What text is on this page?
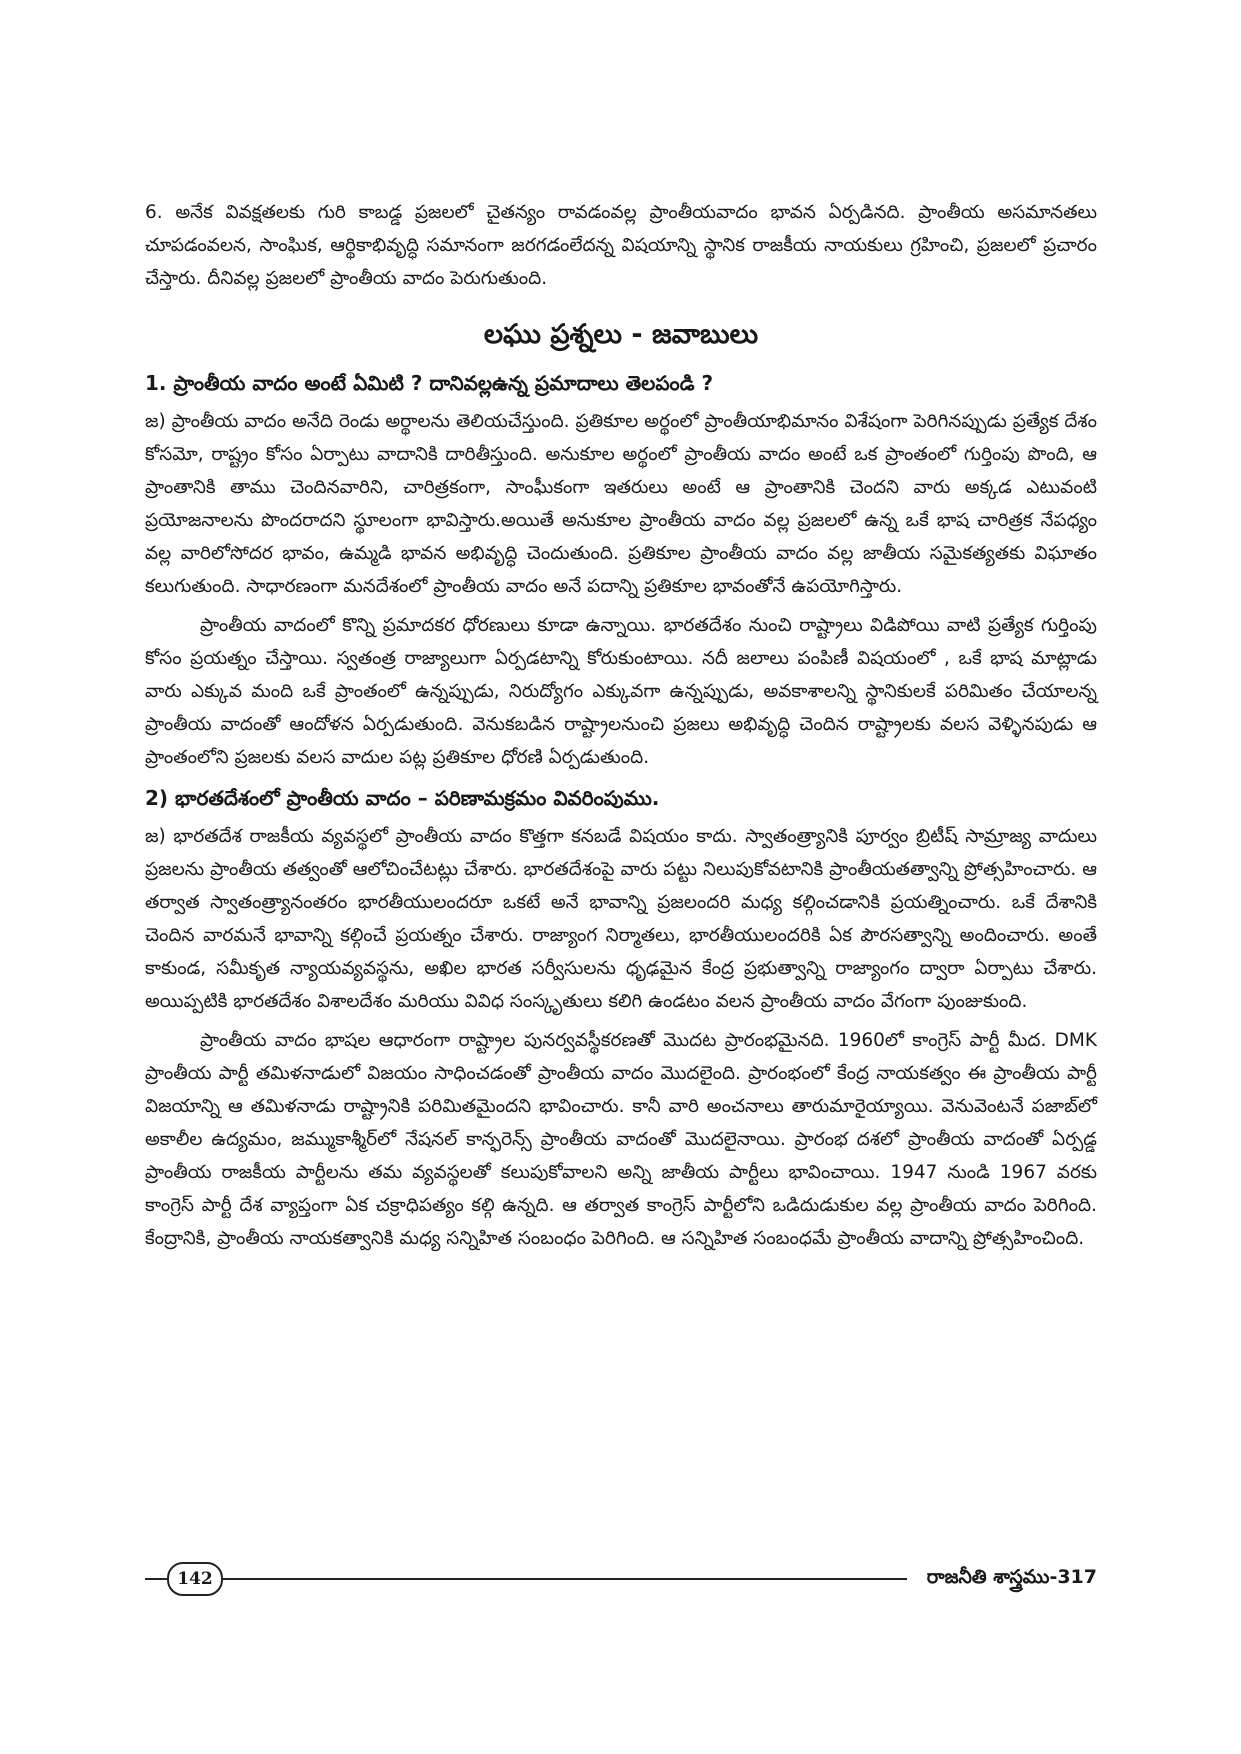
6. అనేక వివక్షతలకు గురి కాబడ్డ ప్రజలలో చైతన్యం రావడంవల్ల ప్రాంతీయవాదం భావన ఏర్పడినది. ప్రాంతీయ అసమానతలు చూపడంవలన, సాంఘిక, ఆర్థికాభివృద్ధి సమానంగా జరగడంలేదన్న విషయాన్ని స్థానిక రాజకీయ నాయకులు గ్రహించి, ప్రజలలో ప్రచారం చేస్తారు. దీనివల్ల ప్రజలలో ప్రాంతీయ వాదం పెరుగుతుంది.

లఘు ప్రశ్నలు - జవాబులు
1. ప్రాంతీయ వాదం అంటే ఏమిటి ? దానివల్లఉన్న ప్రమాదాలు తెలపండి ?

జ) ప్రాంతీయ వాదం అనేది రెండు అర్థాలను తెలియచేస్తుంది. ప్రతికూల అర్థంలో ప్రాంతీయాభిమానం విశేషంగా పెరిగినప్పుడు ప్రత్యేక దేశం కోసమో, రాష్ట్రం కోసం ఏర్పాటు వాదానికి దారితీస్తుంది. అనుకూల అర్థంలో ప్రాంతీయ వాదం అంటే ఒక ప్రాంతంలో గుర్తింపు పొంది, ఆ ప్రాంతానికి తాము చెందినవారిని, చారిత్రకంగా, సాంఘీకంగా ఇతరులు అంటే ఆ ప్రాంతానికి చెందని వారు అక్కడ ఎటువంటి ప్రయోజనాలను పొందరాదని స్థూలంగా భావిస్తారు.అయితే అనుకూల ప్రాంతీయ వాదం వల్ల ప్రజలలో ఉన్న ఒకే భాష చారిత్రక నేపధ్యం వల్ల వారిలోసోదర భావం, ఉమ్మడి భావన అభివృద్ధి చెందుతుంది. ప్రతికూల ప్రాంతీయ వాదం వల్ల జాతీయ సమైకత్యతకు విఘాతం కలుగుతుంది. సాధారణంగా మనదేశంలో ప్రాంతీయ వాదం అనే పదాన్ని ప్రతికూల భావంతోనే ఉపయోగిస్తారు.

ప్రాంతీయ వాదంలో కొన్ని ప్రమాదకర ధోరణులు కూడా ఉన్నాయి. భారతదేశం నుంచి రాష్ట్రాలు విడిపోయి వాటి ప్రత్యేక గుర్తింపు కోసం ప్రయత్నం చేస్తాయి. స్వతంత్ర రాజ్యాలుగా ఏర్పడటాన్ని కోరుకుంటాయి. నదీ జలాలు పంపిణీ విషయంలో , ఒకే భాష మాట్లాడు వారు ఎక్కువ మంది ఒకే ప్రాంతంలో ఉన్నప్పుడు, నిరుద్యోగం ఎక్కువగా ఉన్నప్పుడు, అవకాశాలన్ని స్థానికులకే పరిమితం చేయాలన్న ప్రాంతీయ వాదంతో ఆందోళన ఏర్పడుతుంది. వెనుకబడిన రాష్ట్రాలనుంచి ప్రజలు అభివృద్ధి చెందిన రాష్ట్రాలకు వలస వెళ్ళినపుడు ఆ ప్రాంతంలోని ప్రజలకు వలస వాదుల పట్ల ప్రతికూల ధోరణి ఏర్పడుతుంది.

2) భారతదేశంలో ప్రాంతీయ వాదం – పరిణామక్రమం వివరింపుము.

జ) భారతదేశ రాజకీయ వ్యవస్థలో ప్రాంతీయ వాదం కొత్తగా కనబడే విషయం కాదు. స్వాతంత్ర్యానికి పూర్వం బ్రిటీష్ సామ్రాజ్య వాదులు ప్రజలను ప్రాంతీయ తత్వంతో ఆలోచించేటట్లు చేశారు. భారతదేశంపై వారు పట్టు నిలుపుకోవటానికి ప్రాంతీయతత్వాన్ని ప్రోత్సహించారు. ఆ తర్వాత స్వాతంత్ర్యానంతరం భారతీయులందరూ ఒకటే అనే భావాన్ని ప్రజలందరి మధ్య కల్గించడానికి ప్రయత్నించారు. ఒకే దేశానికి చెందిన వారమనే భావాన్ని కల్గించే ప్రయత్నం చేశారు. రాజ్యాంగ నిర్మాతలు, భారతీయులందరికి ఏక పౌరసత్వాన్ని అందించారు. అంతే కాకుండ, సమీకృత న్యాయవ్యవస్థను, అఖిల భారత సర్వీసులను ధృఢమైన కేంద్ర ప్రభుత్వాన్ని రాజ్యాంగం ద్వారా ఏర్పాటు చేశారు. అయిప్పటికి భారతదేశం విశాలదేశం మరియు వివిధ సంస్కృతులు కలిగి ఉండటం వలన ప్రాంతీయ వాదం వేగంగా పుంజుకుంది.

ప్రాంతీయ వాదం భాషల ఆధారంగా రాష్ట్రాల పునర్వవస్థీకరణతో మొదట ప్రారంభమైనది. 1960లో కాంగ్రెస్ పార్టీ మీద. DMK ప్రాంతీయ పార్టీ తమిళనాడులో విజయం సాధించడంతో ప్రాంతీయ వాదం మొదలైంది. ప్రారంభంలో కేంద్ర నాయకత్వం ఈ ప్రాంతీయ పార్టీ విజయాన్ని ఆ తమిళనాడు రాష్ట్రానికి పరిమితమైందని భావించారు. కానీ వారి అంచనాలు తారుమారైయ్యాయి. వెనువెంటనే పజాబ్‌లో అకాలీల ఉద్యమం, జమ్ముకాశ్మీర్‌లో నేషనల్ కాన్ఫరెన్స్ ప్రాంతీయ వాదంతో మొదలైనాయి. ప్రారంభ దశలో ప్రాంతీయ వాదంతో ఏర్పడ్డ ప్రాంతీయ రాజకీయ పార్టీలను తమ వ్యవస్థలతో కలుపుకోవాలని అన్ని జాతీయ పార్టీలు భావించాయి. 1947 నుండి 1967 వరకు కాంగ్రెస్ పార్టీ దేశ వ్యాప్తంగా ఏక చక్రాధిపత్యం కల్గి ఉన్నది. ఆ తర్వాత కాంగ్రెస్ పార్టీలోని ఒడిదుడుకుల వల్ల ప్రాంతీయ వాదం పెరిగింది. కేంద్రానికి, ప్రాంతీయ నాయకత్వానికి మధ్య సన్నిహిత సంబంధం పెరిగింది. ఆ సన్నిహిత సంబంధమే ప్రాంతీయ వాదాన్ని ప్రోత్సహించింది.

142	రాజనీతి శాస్త్రము-317
